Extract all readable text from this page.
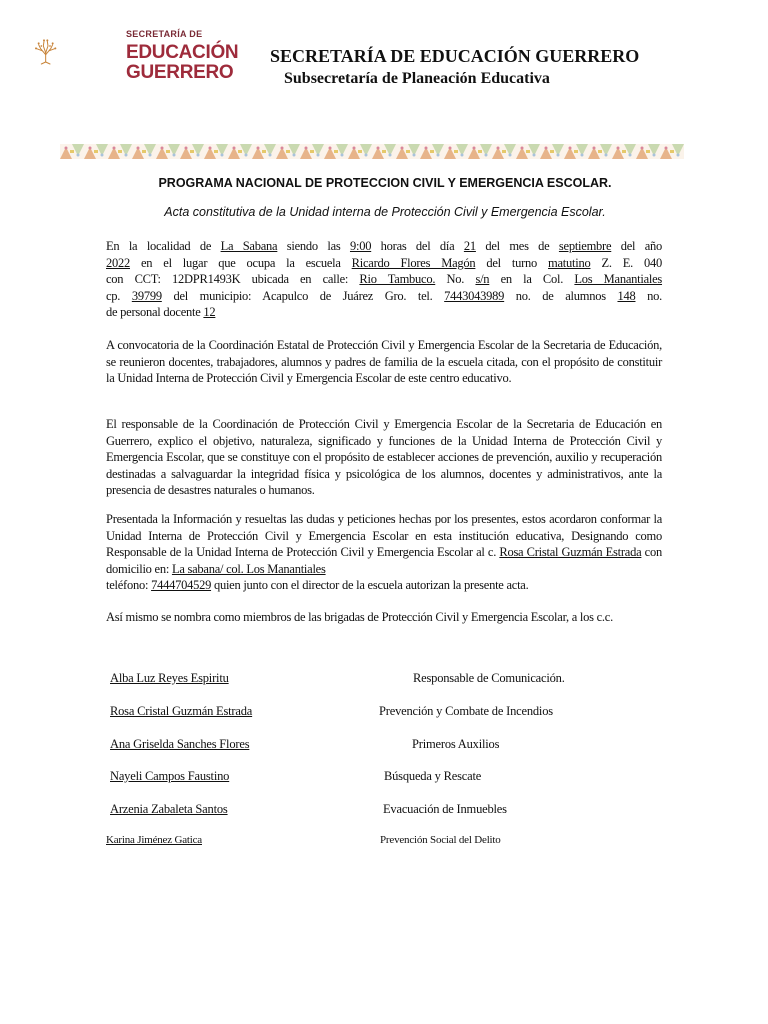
SECRETARÍA DE
EDUCACIÓN
GUERRERO
SECRETARÍA DE EDUCACIÓN GUERRERO
Subsecretaría de Planeación Educativa
PROGRAMA NACIONAL DE PROTECCION CIVIL Y EMERGENCIA ESCOLAR.
Acta constitutiva de la Unidad interna de Protección Civil y Emergencia Escolar.
En la localidad de La Sabana siendo las 9:00 horas del día 21 del mes de septiembre del año
2022 en el lugar que ocupa la escuela Ricardo Flores Magón del turno matutino Z. E. 040
con CCT: 12DPR1493K ubicada en calle: Rio Tambuco. No. s/n en la Col. Los Manantiales
cp. 39799 del municipio: Acapulco de Juárez Gro. tel. 7443043989 no. de alumnos 148 no.
de personal docente 12
A convocatoria de la Coordinación Estatal de Protección Civil y Emergencia Escolar de la Secretaria de Educación, se reunieron docentes, trabajadores, alumnos y padres de familia de la escuela citada, con el propósito de constituir la Unidad Interna de Protección Civil y Emergencia Escolar de este centro educativo.
El responsable de la Coordinación de Protección Civil y Emergencia Escolar de la Secretaria de Educación en Guerrero, explico el objetivo, naturaleza, significado y funciones de la Unidad Interna de Protección Civil y Emergencia Escolar, que se constituye con el propósito de establecer acciones de prevención, auxilio y recuperación destinadas a salvaguardar la integridad física y psicológica de los alumnos, docentes y administrativos, ante la presencia de desastres naturales o humanos.
Presentada la Información y resueltas las dudas y peticiones hechas por los presentes, estos acordaron conformar la Unidad Interna de Protección Civil y Emergencia Escolar en esta institución educativa, Designando como Responsable de la Unidad Interna de Protección Civil y Emergencia Escolar al c. Rosa Cristal Guzmán Estrada con domicilio en: La sabana/ col. Los Manantiales
teléfono: 7444704529 quien junto con el director de la escuela autorizan la presente acta.
Así mismo se nombra como miembros de las brigadas de Protección Civil y Emergencia Escolar, a los c.c.
Alba Luz Reyes Espiritu	Responsable de Comunicación.
Rosa Cristal Guzmán Estrada	Prevención y Combate de Incendios
Ana Griselda Sanches Flores	Primeros Auxilios
Nayeli Campos Faustino	Búsqueda y Rescate
Arzenia Zabaleta Santos	Evacuación de Inmuebles
Karina Jiménez Gatica	Prevención Social del Delito
